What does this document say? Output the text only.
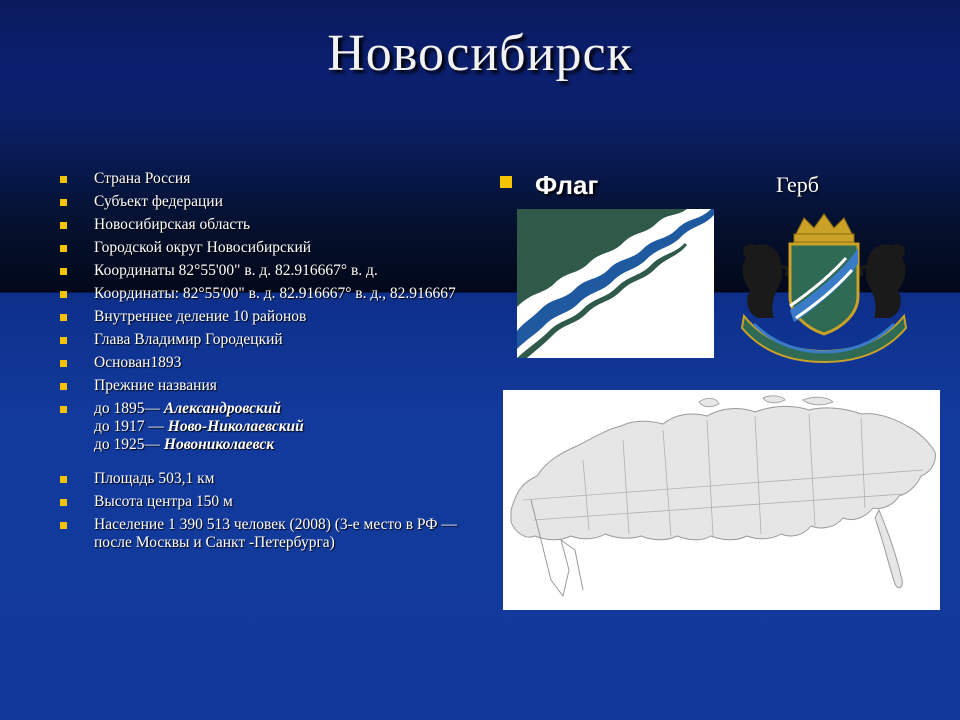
Новосибирск
Страна Россия
Субъект федерации
Новосибирская область
Городской округ Новосибирский
Координаты 82°55'00" в. д. 82.916667° в. д.
Координаты: 82°55'00" в. д. 82.916667° в. д., 82.916667
Внутреннее деление 10 районов
Глава Владимир Городецкий
Основан1893
Прежние названия
до 1895— Александровский
до 1917 — Ново-Николаевский
до 1925— Новониколаевск
Площадь 503,1 км
Высота центра 150 м
Население 1 390 513 человек (2008) (3-е место в РФ — после Москвы и Санкт -Петербурга)
Флаг	Герб
